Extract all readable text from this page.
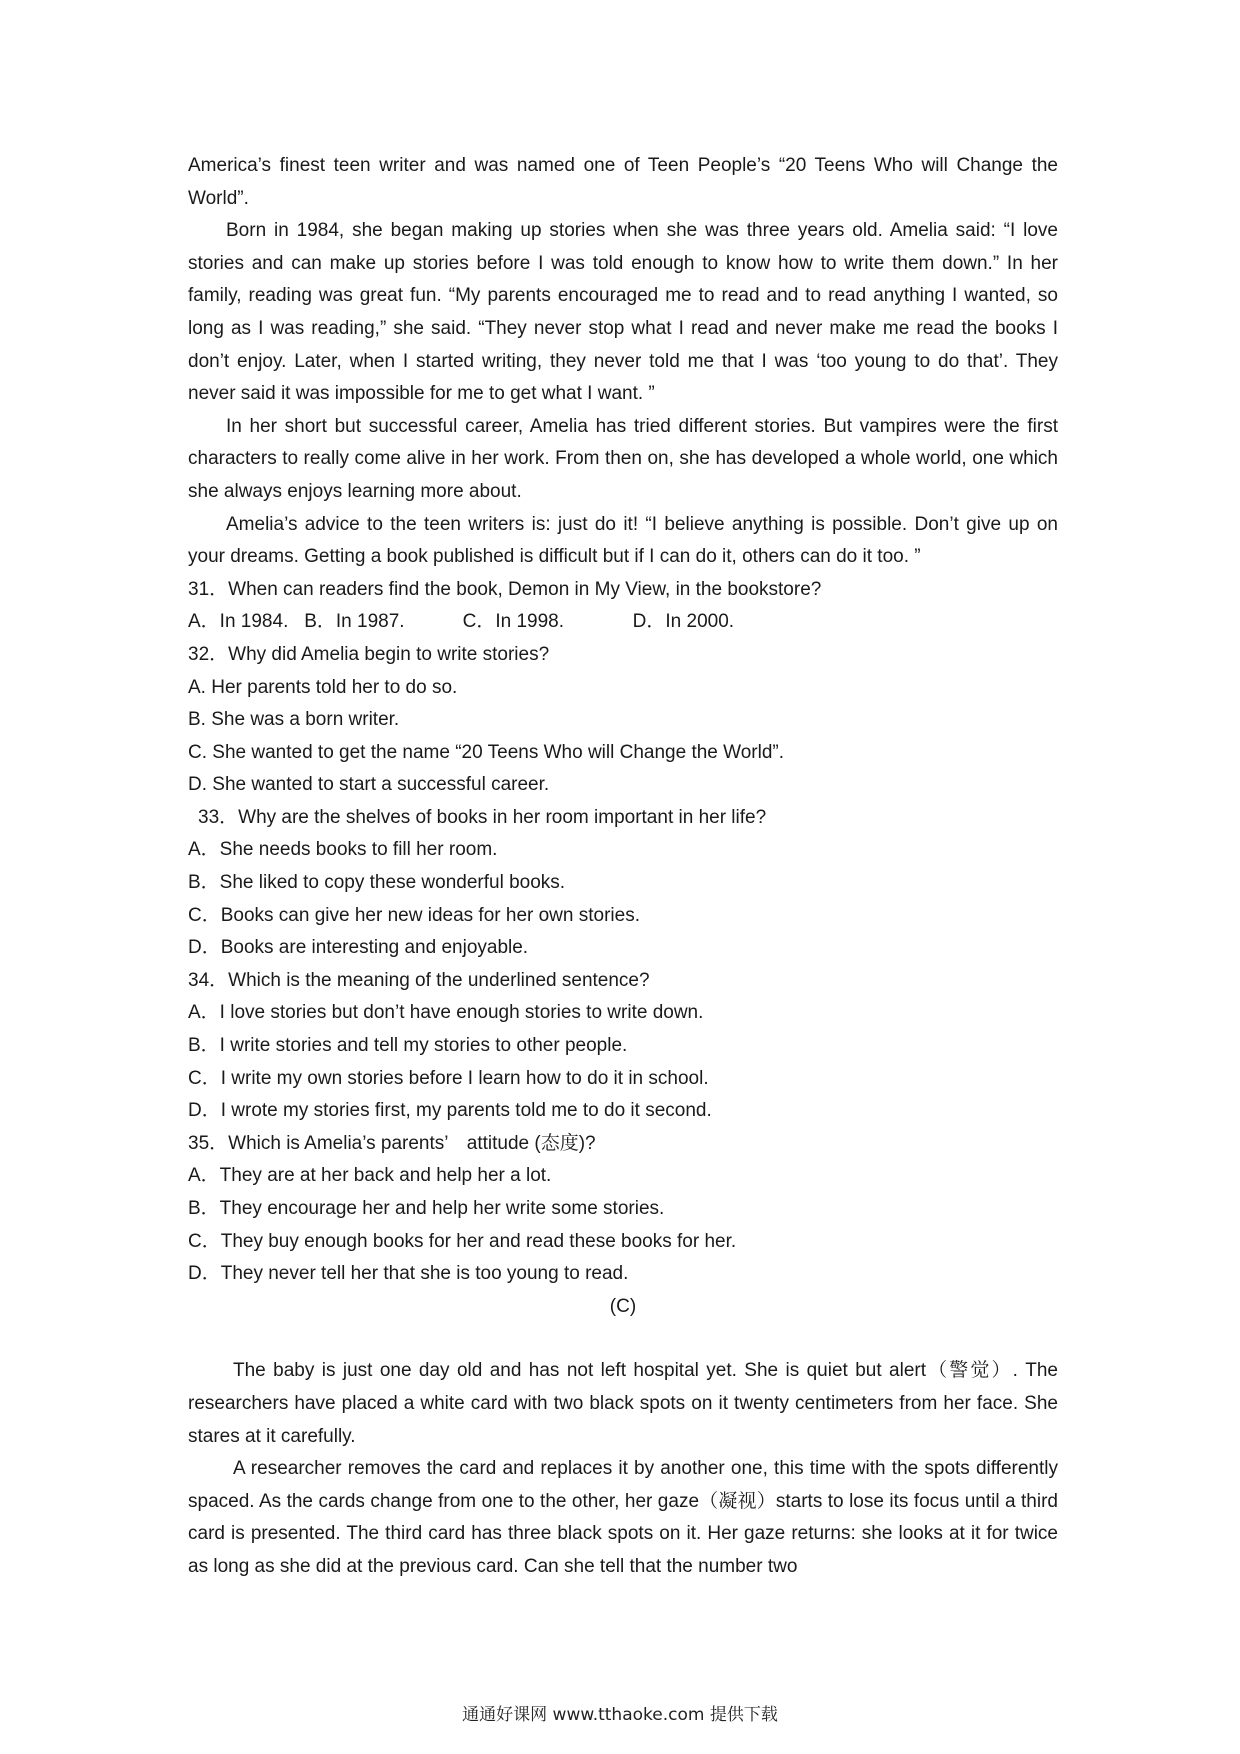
America’s finest teen writer and was named one of Teen People’s “20 Teens Who will Change the World”.

Born in 1984, she began making up stories when she was three years old. Amelia said: “I love stories and can make up stories before I was told enough to know how to write them down.” In her family, reading was great fun. “My parents encouraged me to read and to read anything I wanted, so long as I was reading,” she said. “They never stop what I read and never make me read the books I don’t enjoy. Later, when I started writing, they never told me that I was ‘too young to do that’. They never said it was impossible for me to get what I want. ”

In her short but successful career, Amelia has tried different stories. But vampires were the first characters to really come alive in her work. From then on, she has developed a whole world, one which she always enjoys learning more about.

Amelia’s advice to the teen writers is: just do it! “I believe anything is possible. Don’t give up on your dreams. Getting a book published is difficult but if I can do it, others can do it too. ”

31．When can readers find the book, Demon in My View, in the bookstore?

A．In 1984. B．In 1987.	C．In 1998.	D．In 2000.

32．Why did Amelia begin to write stories?

A. Her parents told her to do so.

B. She was a born writer.

C. She wanted to get the name “20 Teens Who will Change the World”.

D. She wanted to start a successful career.

33．Why are the shelves of books in her room important in her life?

A．She needs books to fill her room.

B．She liked to copy these wonderful books.

C．Books can give her new ideas for her own stories.

D．Books are interesting and enjoyable.

34．Which is the meaning of the underlined sentence?

A．I love stories but don’t have enough stories to write down.

B．I write stories and tell my stories to other people.

C．I write my own stories before I learn how to do it in school.

D．I wrote my stories first, my parents told me to do it second.

35．Which is Amelia’s parents’　attitude (态度)?

A．They are at her back and help her a lot.

B．They encourage her and help her write some stories.

C．They buy enough books for her and read these books for her.

D．They never tell her that she is too young to read.

(C)

The baby is just one day old and has not left hospital yet. She is quiet but alert（警觉）. The researchers have placed a white card with two black spots on it twenty centimeters from her face. She stares at it carefully.

A researcher removes the card and replaces it by another one, this time with the spots differently spaced. As the cards change from one to the other, her gaze（凝视）starts to lose its focus until a third card is presented. The third card has three black spots on it. Her gaze returns: she looks at it for twice as long as she did at the previous card. Can she tell that the number two

通通好课网 www.tthaoke.com 提供下载
